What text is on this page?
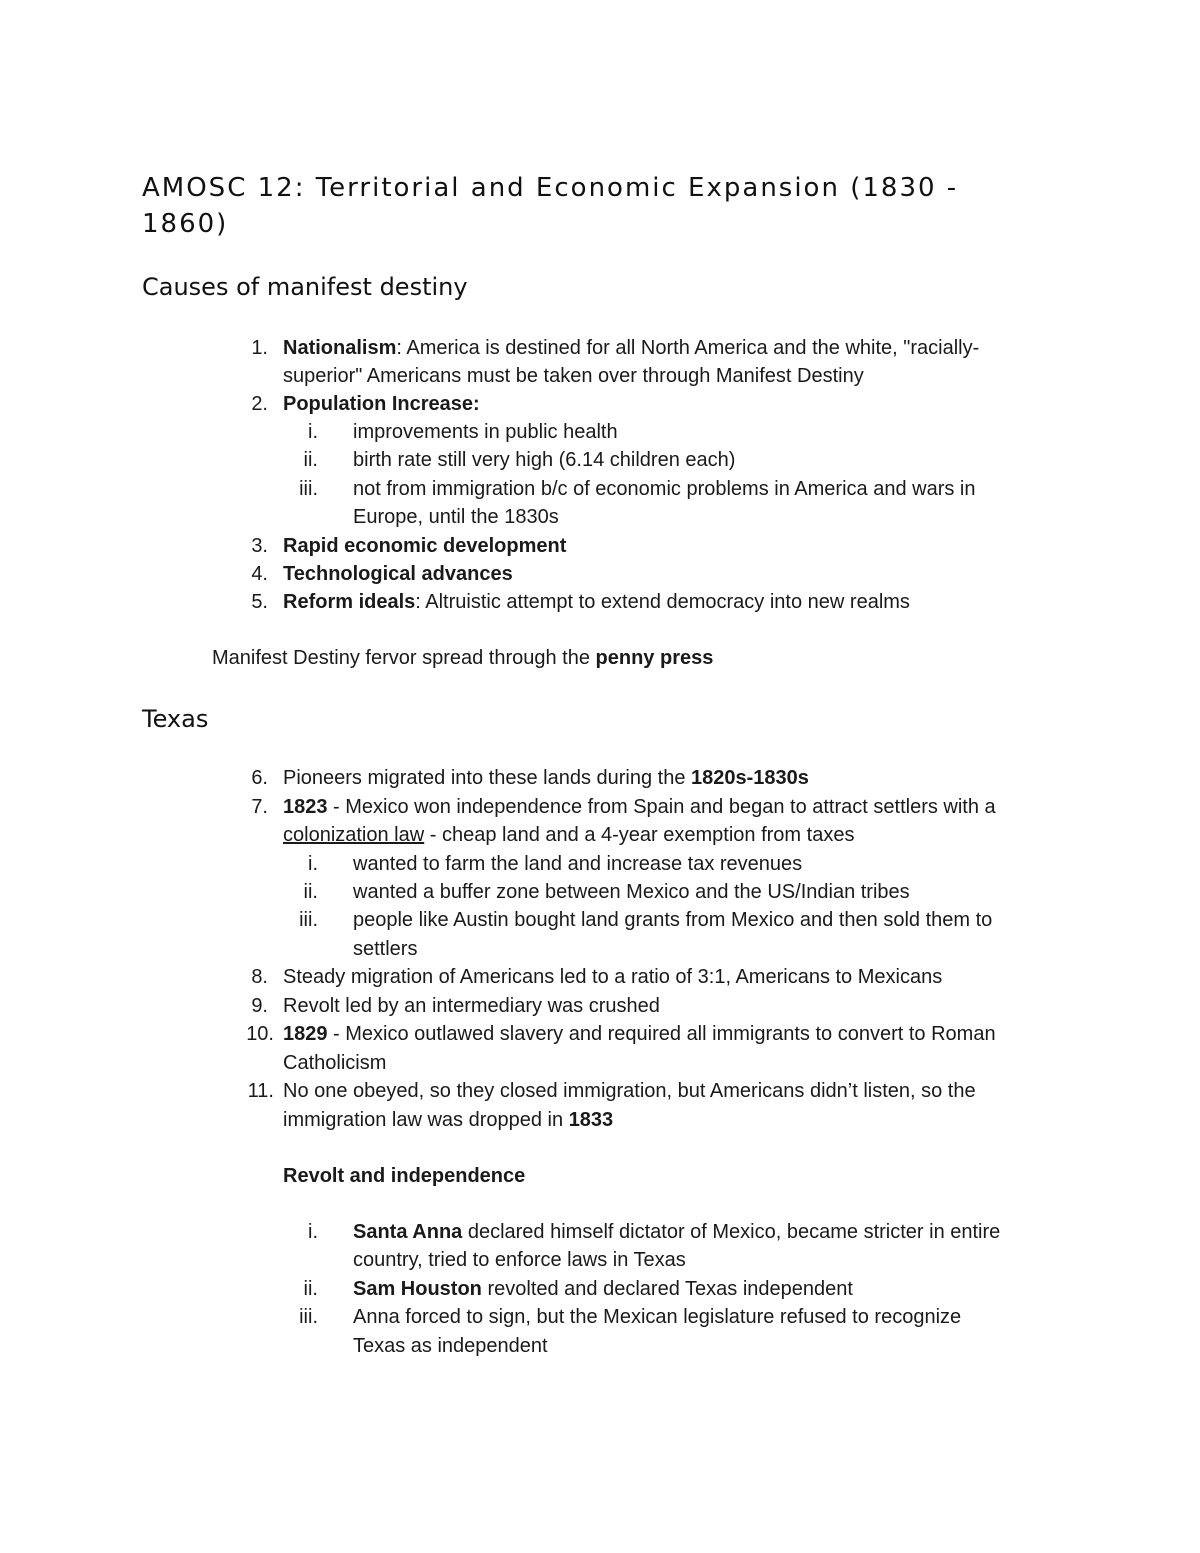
AMOSC 12: Territorial and Economic Expansion (1830 - 1860)
Causes of manifest destiny
1. Nationalism: America is destined for all North America and the white, "racially-
superior" Americans must be taken over through Manifest Destiny
2. Population Increase:
i. improvements in public health
ii. birth rate still very high (6.14 children each)
iii. not from immigration b/c of economic problems in America and wars in
Europe, until the 1830s
3. Rapid economic development
4. Technological advances
5. Reform ideals: Altruistic attempt to extend democracy into new realms
Manifest Destiny fervor spread through the penny press
Texas
6. Pioneers migrated into these lands during the 1820s-1830s
7. 1823 - Mexico won independence from Spain and began to attract settlers with a
colonization law - cheap land and a 4-year exemption from taxes
i. wanted to farm the land and increase tax revenues
ii. wanted a buffer zone between Mexico and the US/Indian tribes
iii. people like Austin bought land grants from Mexico and then sold them to
settlers
8. Steady migration of Americans led to a ratio of 3:1, Americans to Mexicans
9. Revolt led by an intermediary was crushed
10. 1829 - Mexico outlawed slavery and required all immigrants to convert to Roman
Catholicism
11. No one obeyed, so they closed immigration, but Americans didn’t listen, so the
immigration law was dropped in 1833
Revolt and independence
i. Santa Anna declared himself dictator of Mexico, became stricter in entire
country, tried to enforce laws in Texas
ii. Sam Houston revolted and declared Texas independent
iii. Anna forced to sign, but the Mexican legislature refused to recognize
Texas as independent
